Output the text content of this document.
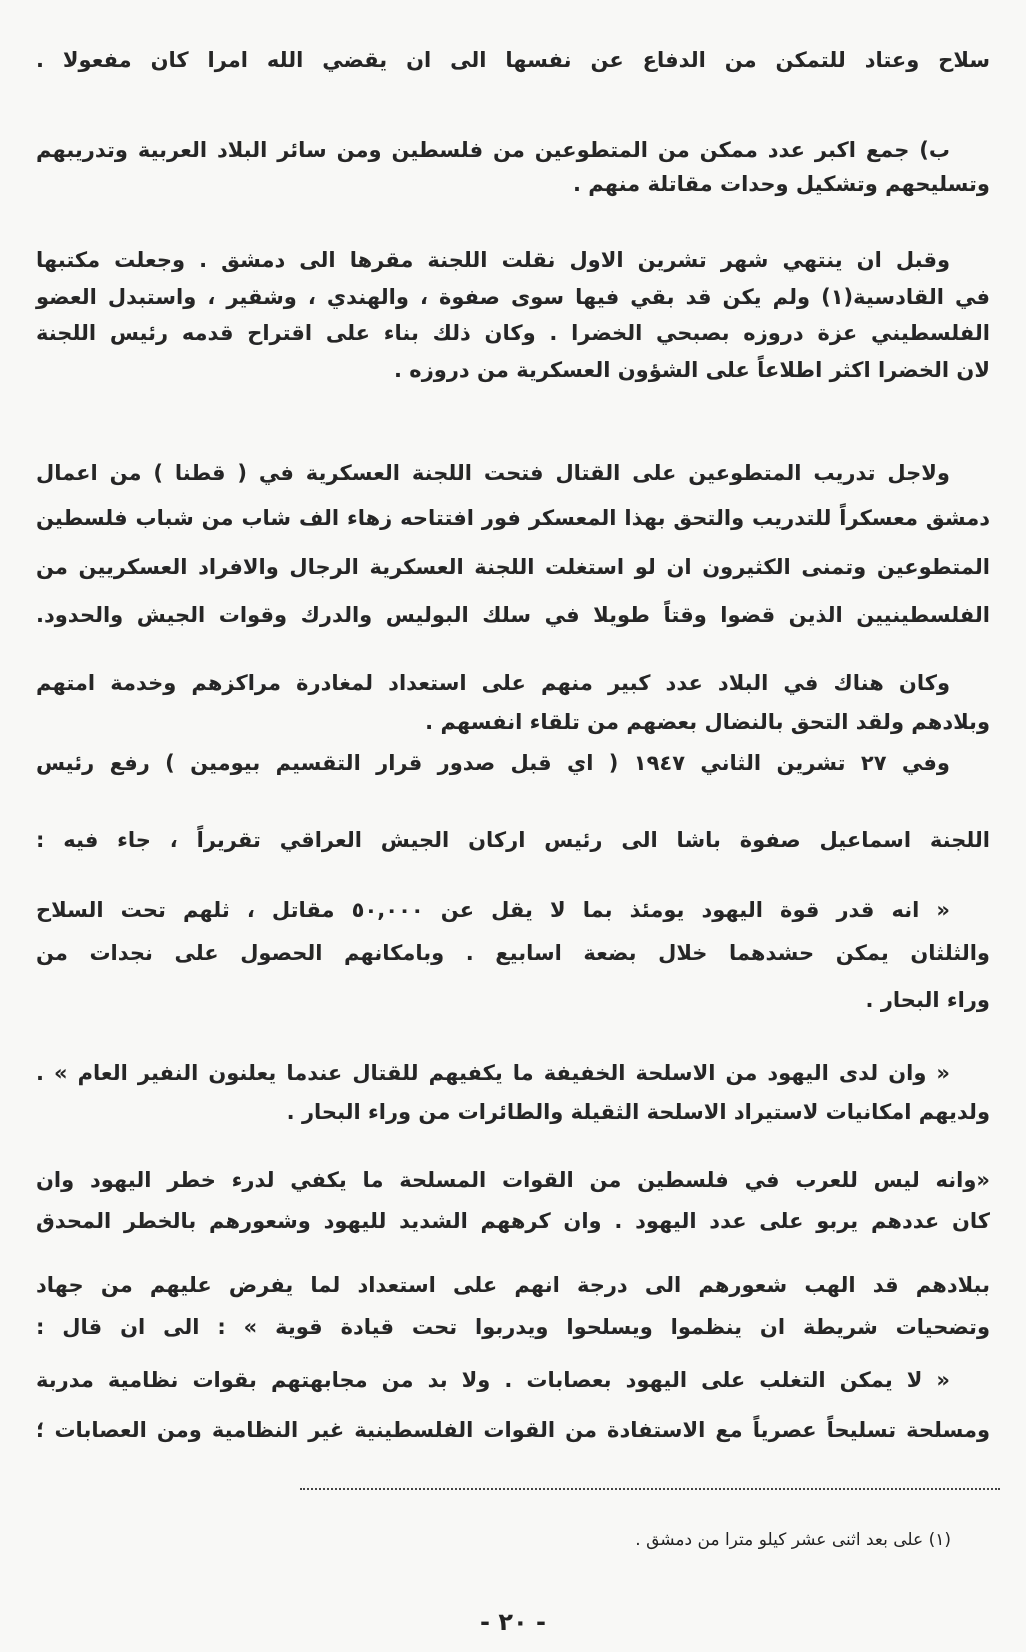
سلاح وعتاد للتمكن من الدفاع عن نفسها الى ان يقضي الله امرا كان مفعولا .
ب) جمع اكبر عدد ممكن من المتطوعين من فلسطين ومن سائر البلاد العربية وتدريبهم
وتسليحهم وتشكيل وحدات مقاتلة منهم .
وقبل ان ينتهي شهر تشرين الاول نقلت اللجنة مقرها الى دمشق . وجعلت مكتبها
في القادسية(١) ولم يكن قد بقي فيها سوى صفوة ، والهندي ، وشقير ، واستبدل العضو
الفلسطيني عزة دروزه بصبحي الخضرا . وكان ذلك بناء على اقتراح قدمه رئيس اللجنة
لان الخضرا اكثر اطلاعاً على الشؤون العسكرية من دروزه .
ولاجل تدريب المتطوعين على القتال فتحت اللجنة العسكرية في ( قطنا ) من اعمال
دمشق معسكراً للتدريب والتحق بهذا المعسكر فور افتتاحه زهاء الف شاب من شباب فلسطين
المتطوعين وتمنى الكثيرون ان لو استغلت اللجنة العسكرية الرجال والافراد العسكريين من
الفلسطينيين الذين قضوا وقتاً طويلا في سلك البوليس والدرك وقوات الجيش والحدود.
وكان هناك في البلاد عدد كبير منهم على استعداد لمغادرة مراكزهم وخدمة امتهم
وبلادهم ولقد التحق بالنضال بعضهم من تلقاء انفسهم .
وفي ٢٧ تشرين الثاني ١٩٤٧ ( اي قبل صدور قرار التقسيم بيومين ) رفع رئيس
اللجنة اسماعيل صفوة باشا الى رئيس اركان الجيش العراقي تقريراً ، جاء فيه :
« انه قدر قوة اليهود يومئذ بما لا يقل عن ٥٠,٠٠٠ مقاتل ، ثلهم تحت السلاح
والثلثان يمكن حشدهما خلال بضعة اسابيع . وبامكانهم الحصول على نجدات من
وراء البحار .
« وان لدى اليهود من الاسلحة الخفيفة ما يكفيهم للقتال عندما يعلنون النفير العام » .
ولديهم امكانيات لاستيراد الاسلحة الثقيلة والطائرات من وراء البحار .
«وانه ليس للعرب في فلسطين من القوات المسلحة ما يكفي لدرء خطر اليهود وان
كان عددهم يربو على عدد اليهود . وان كرههم الشديد لليهود وشعورهم بالخطر المحدق
ببلادهم قد الهب شعورهم الى درجة انهم على استعداد لما يفرض عليهم من جهاد
وتضحيات شريطة ان ينظموا ويسلحوا ويدربوا تحت قيادة قوية » : الى ان قال :
« لا يمكن التغلب على اليهود بعصابات . ولا بد من مجابهتهم بقوات نظامية مدربة
ومسلحة تسليحاً عصرياً مع الاستفادة من القوات الفلسطينية غير النظامية ومن العصابات ؛
(١) على بعد اثنى عشر كيلو مترا من دمشق .
- ٢٠ -
